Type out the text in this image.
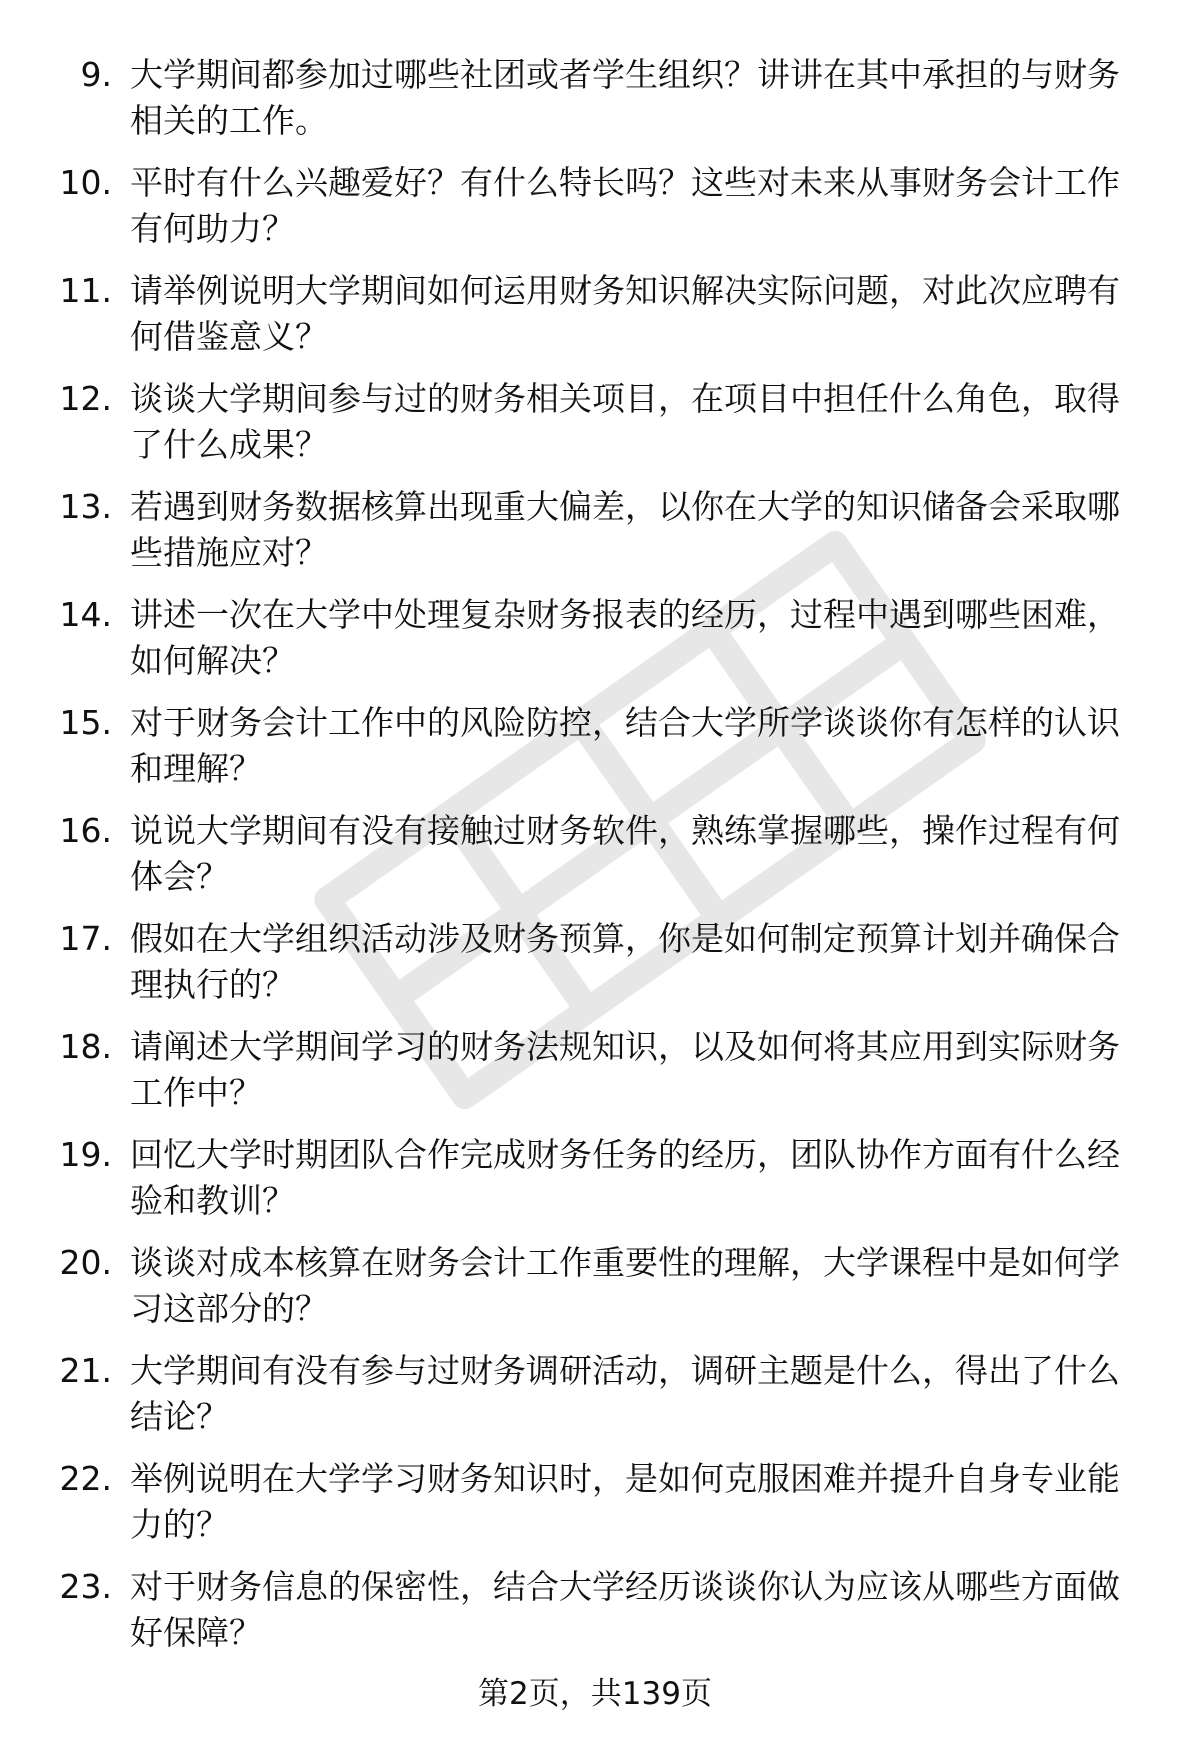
9. 大学期间都参加过哪些社团或者学生组织？讲讲在其中承担的与财务相关的工作。
10. 平时有什么兴趣爱好？有什么特长吗？这些对未来从事财务会计工作有何助力？
11. 请举例说明大学期间如何运用财务知识解决实际问题，对此次应聘有何借鉴意义？
12. 谈谈大学期间参与过的财务相关项目，在项目中担任什么角色，取得了什么成果？
13. 若遇到财务数据核算出现重大偏差，以你在大学的知识储备会采取哪些措施应对？
14. 讲述一次在大学中处理复杂财务报表的经历，过程中遇到哪些困难，如何解决？
15. 对于财务会计工作中的风险防控，结合大学所学谈谈你有怎样的认识和理解？
16. 说说大学期间有没有接触过财务软件，熟练掌握哪些，操作过程有何体会？
17. 假如在大学组织活动涉及财务预算，你是如何制定预算计划并确保合理执行的？
18. 请阐述大学期间学习的财务法规知识，以及如何将其应用到实际财务工作中？
19. 回忆大学时期团队合作完成财务任务的经历，团队协作方面有什么经验和教训？
20. 谈谈对成本核算在财务会计工作重要性的理解，大学课程中是如何学习这部分的？
21. 大学期间有没有参与过财务调研活动，调研主题是什么，得出了什么结论？
22. 举例说明在大学学习财务知识时，是如何克服困难并提升自身专业能力的？
23. 对于财务信息的保密性，结合大学经历谈谈你认为应该从哪些方面做好保障？
第2页，共139页
